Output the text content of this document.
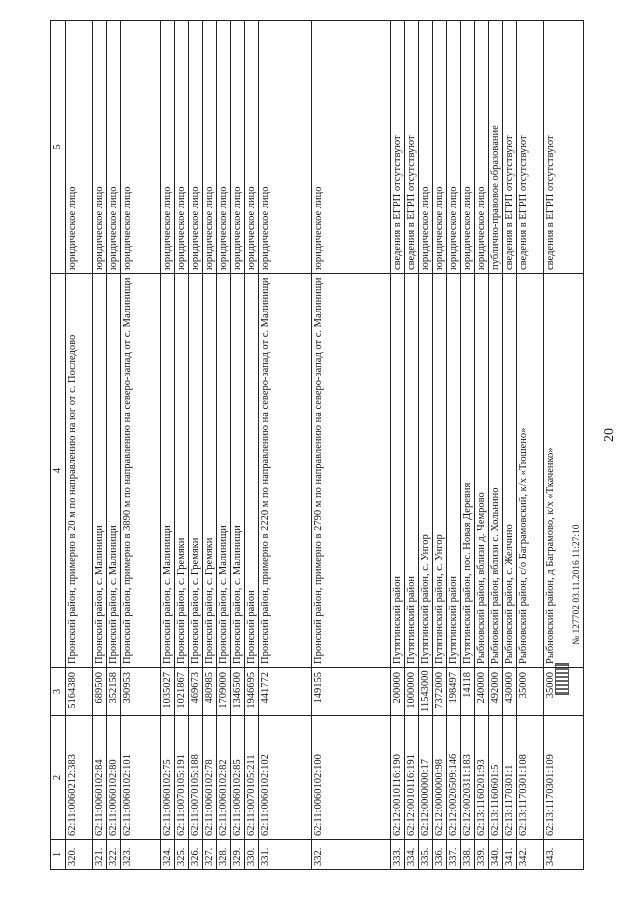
20
№ 127702 03.11.2016 11:27:10
1	2	3	4	5
320.	62:11:0060212:383	5164380	Пронский район, примерно в 20 м по направлению на юг от с. Последово	юридическое лицо
321.	62:11:0060102:84	689500	Пронский район, с. Малинищи	юридическое лицо
322.	62:11:0060102:80	352158	Пронский район, с. Малинищи	юридическое лицо
323.	62:11:0060102:101	390953	Пронский район, примерно в 3890 м по направлению на северо-запад от с. Малинищи	юридическое лицо
324.	62:11:0060102:75	1035027	Пронский район, с. Малинищи	юридическое лицо
325.	62:11:0070105:191	1021867	Пронский район, с. Гремяки	юридическое лицо
326.	62:11:0070105:188	469673	Пронский район, с. Гремяки	юридическое лицо
327.	62:11:0060102:78	480985	Пронский район, с. Гремяки	юридическое лицо
328.	62:11:0060102:82	1709000	Пронский район, с. Малинищи	юридическое лицо
329.	62:11:0060102:85	1346500	Пронский район, с. Малинищи	юридическое лицо
330.	62:11:0070105:211	1946695	Пронский район	юридическое лицо
331.	62:11:0060102:102	441772	Пронский район, примерно в 2220 м по направлению на северо-запад от с. Малинищи	юридическое лицо
332.	62:11:0060102:100	149155	Пронский район, примерно в 2790 м по направлению на северо-запад от с. Малинищи	юридическое лицо
333.	62:12:0010116:190	200000	Путятинский район	сведения в ЕГРП отсутствуют
334.	62:12:0010116:191	1000000	Путятинский район	сведения в ЕГРП отсутствуют
335.	62:12:0000000:17	11543000	Путятинский район, с. Унгор	юридическое лицо
336.	62:12:0000000:98	7372000	Путятинский район, с. Унгор	юридическое лицо
337.	62:12:0020509:146	198497	Путятинский район	юридическое лицо
338.	62:12:0020311:183	14118	Путятинский район, пос. Новая Деревня	юридическое лицо
339.	62:13:1160201:93	240000	Рыбновский район, вблизи д. Чемрово	юридическое лицо
340.	62:13:1160601:5	492000	Рыбновский район, вблизи с. Хольнино	публично-правовое образование
341.	62:13:1170301:1	430000	Рыбновский район, с. Желчино	сведения в ЕГРП отсутствуют
342.	62:13:1170301:108	35000	Рыбновский район, с/о Баграмовский, к/х «Тюшено»	сведения в ЕГРП отсутствуют
343.	62:13:1170301:109	35000	Рыбновский район, д Баграмово, к/х «Ткаченко»	сведения в ЕГРП отсутствуют
